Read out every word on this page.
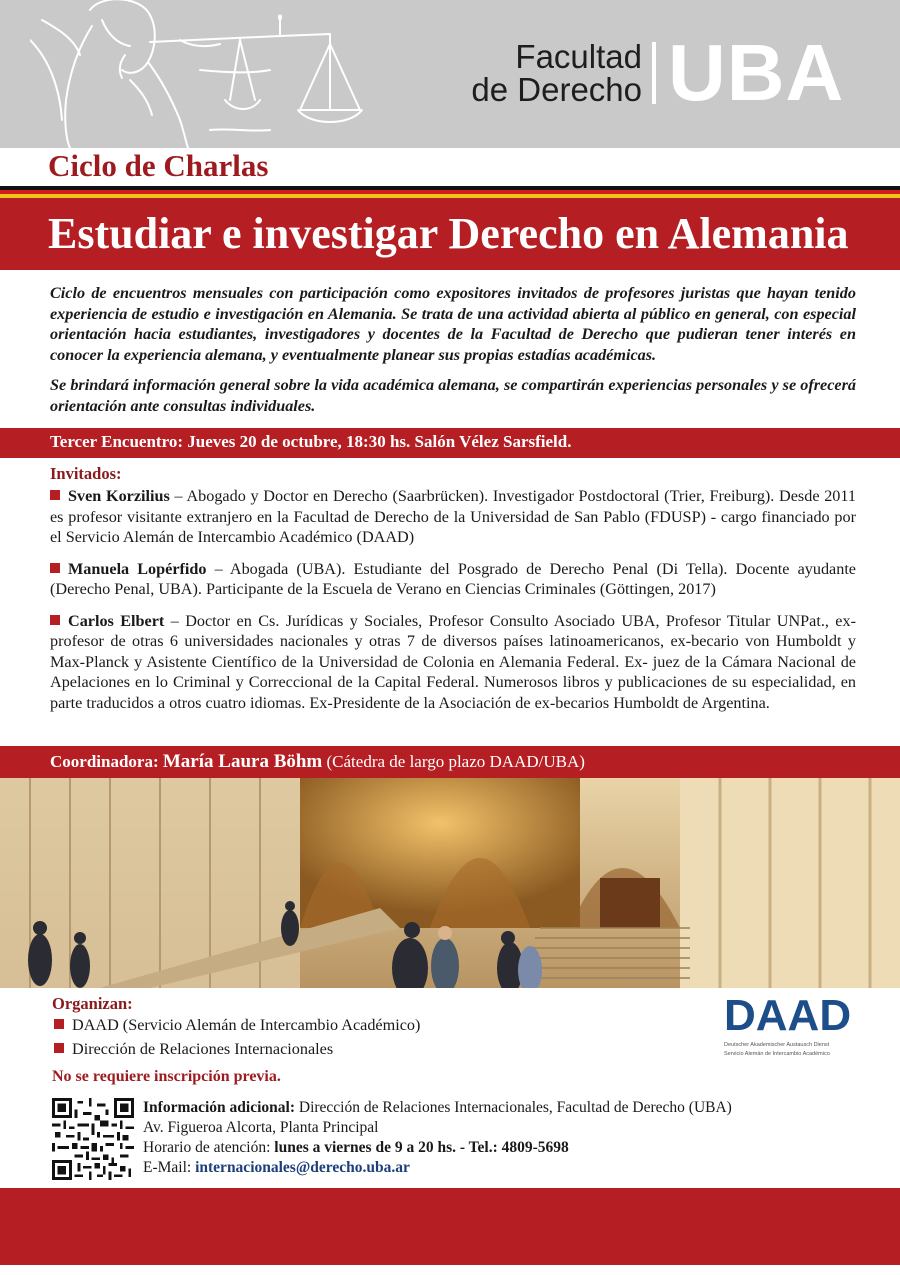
Facultad
de Derecho UBA
Ciclo de Charlas
Estudiar e investigar Derecho en Alemania

Ciclo de encuentros mensuales con participación como expositores invitados de profesores juristas que hayan tenido experiencia de estudio e investigación en Alemania. Se trata de una actividad abierta al público en general, con especial orientación hacia estudiantes, investigadores y docentes de la Facultad de Derecho que pudieran tener interés en conocer la experiencia alemana, y eventualmente planear sus propias estadías académicas.

Se brindará información general sobre la vida académica alemana, se compartirán experiencias personales y se ofrecerá orientación ante consultas individuales.

Tercer Encuentro: Jueves 20 de octubre, 18:30 hs. Salón Vélez Sarsfield.
Invitados:
Sven Korzilius – Abogado y Doctor en Derecho (Saarbrücken). Investigador Postdoctoral (Trier, Freiburg). Desde 2011 es profesor visitante extranjero en la Facultad de Derecho de la Universidad de San Pablo (FDUSP) - cargo financiado por el Servicio Alemán de Intercambio Académico (DAAD)
Manuela Lopérfido – Abogada (UBA). Estudiante del Posgrado de Derecho Penal (Di Tella). Docente ayudante (Derecho Penal, UBA). Participante de la Escuela de Verano en Ciencias Criminales (Göttingen, 2017)
Carlos Elbert – Doctor en Cs. Jurídicas y Sociales, Profesor Consulto Asociado UBA, Profesor Titular UNPat., ex-profesor de otras 6 universidades nacionales y otras 7 de diversos países latinoamericanos, ex-becario von Humboldt y Max-Planck y Asistente Científico de la Universidad de Colonia en Alemania Federal. Ex- juez de la Cámara Nacional de Apelaciones en lo Criminal y Correccional de la Capital Federal. Numerosos libros y publicaciones de su especialidad, en parte traducidos a otros cuatro idiomas. Ex-Presidente de la Asociación de ex-becarios Humboldt de Argentina.
Coordinadora: María Laura Böhm (Cátedra de largo plazo DAAD/UBA)
Organizan:
DAAD (Servicio Alemán de Intercambio Académico)
Dirección de Relaciones Internacionales
No se requiere inscripción previa.
DAAD
Deutscher Akademischer Austausch Dienst
Servicio Alemán de Intercambio Académico
Información adicional: Dirección de Relaciones Internacionales, Facultad de Derecho (UBA)
Av. Figueroa Alcorta, Planta Principal
Horario de atención: lunes a viernes de 9 a 20 hs. - Tel.: 4809-5698
E-Mail: internacionales@derecho.uba.ar
